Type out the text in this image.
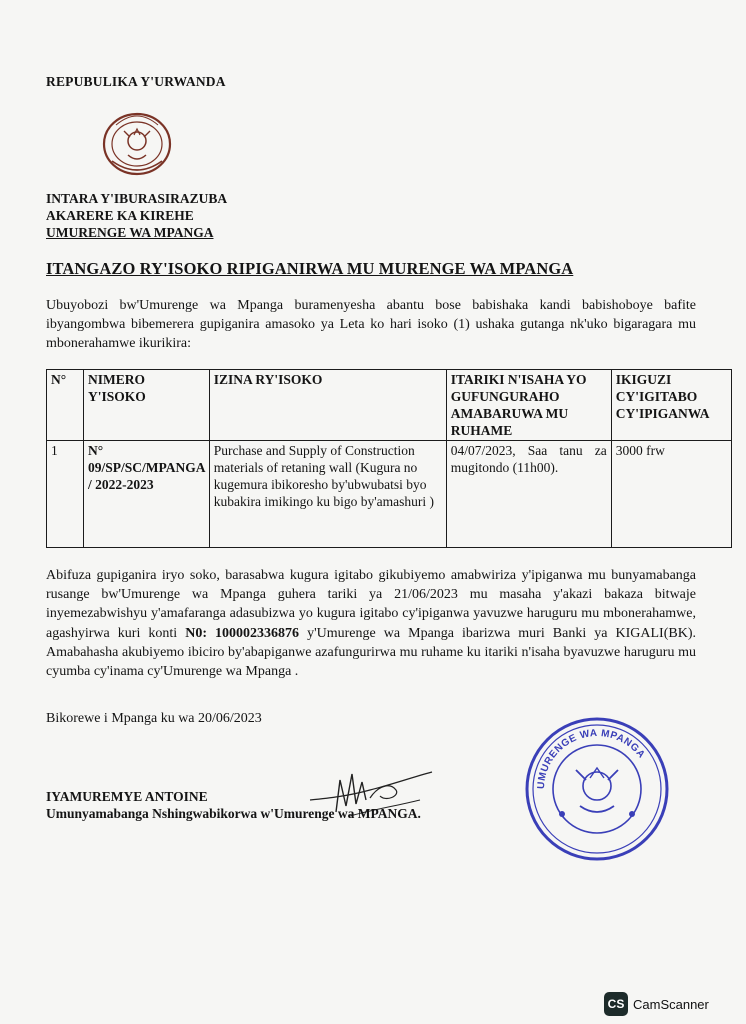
REPUBULIKA Y'URWANDA
INTARA Y'IBURASIRAZUBA
AKARERE KA KIREHE
UMURENGE WA MPANGA
ITANGAZO RY'ISOKO RIPIGANIRWA MU MURENGE WA MPANGA
Ubuyobozi bw'Umurenge wa Mpanga buramenyesha abantu bose babishaka kandi babishoboye bafite ibyangombwa bibemerera gupiganira amasoko ya Leta ko hari isoko (1) ushaka gutanga nk'uko bigaragara mu mbonerahamwe ikurikira:
N°	NIMERO Y'ISOKO	IZINA RY'ISOKO	ITARIKI N'ISAHA YO GUFUNGURAHO AMABARUWA MU RUHAME	IKIGUZI CY'IGITABO CY'IPIGANWA
1	N° 09/SP/SC/MPANGA / 2022-2023	Purchase and Supply of Construction materials of retaning wall (Kugura no kugemura ibikoresho by'ubwubatsi byo kubakira imikingo ku bigo by'amashuri )	04/07/2023, Saa tanu za mugitondo (11h00).	3000 frw
Abifuza gupiganira iryo soko, barasabwa kugura igitabo gikubiyemo amabwiriza y'ipiganwa mu bunyamabanga rusange bw'Umurenge wa Mpanga guhera tariki ya 21/06/2023 mu masaha y'akazi bakaza bitwaje inyemezabwishyu y'amafaranga adasubizwa yo kugura igitabo cy'ipiganwa yavuzwe haruguru mu mbonerahamwe, agashyirwa kuri konti N0: 100002336876 y'Umurenge wa Mpanga ibarizwa muri Banki ya KIGALI(BK). Amabahasha akubiyemo ibiciro by'abapiganwe azafungurirwa mu ruhame ku itariki n'isaha byavuzwe haruguru mu cyumba cy'inama cy'Umurenge wa Mpanga .
Bikorewe i Mpanga ku wa 20/06/2023
IYAMUREMYE ANTOINE
Umunyamabanga Nshingwabikorwa w'Umurenge wa MPANGA.
UMURENGE WA MPANGA
CS CamScanner
